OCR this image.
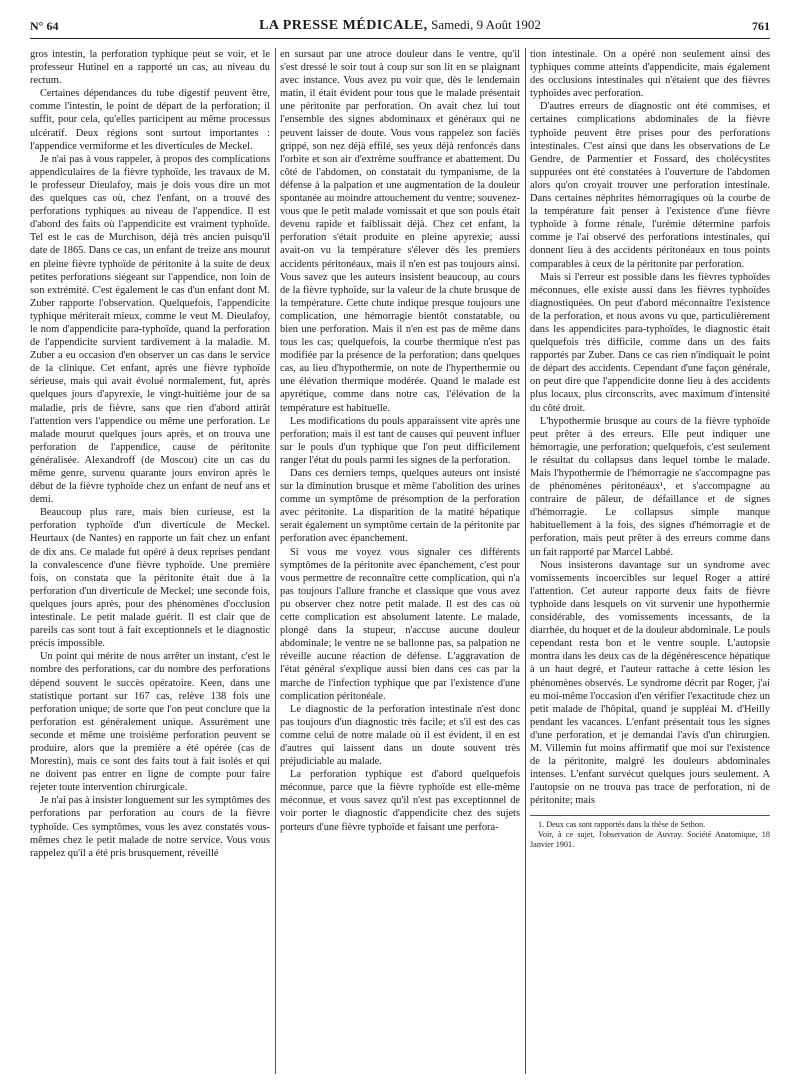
N° 64	LA PRESSE MÉDICALE, Samedi, 9 Août 1902	761

gros intestin, la perforation typhique peut se voir, et le professeur Hutinel en a rapporté un cas, au niveau du rectum.

Certaines dépendances du tube digestif peuvent être, comme l'intestin, le point de départ de la perforation; il suffit, pour cela, qu'elles participent au même processus ulcératif. Deux régions sont surtout importantes : l'appendice vermiforme et les diverticules de Meckel.

Je n'ai pas à vous rappeler, à propos des complications appendiculaires de la fièvre typhoïde, les travaux de M. le professeur Dieulafoy, mais je dois vous dire un mot des quelques cas où, chez l'enfant, on a trouvé des perforations typhiques au niveau de l'appendice. Il est d'abord des faits où l'appendicite est vraiment typhoïde. Tel est le cas de Murchison, déjà très ancien puisqu'il date de 1865. Dans ce cas, un enfant de treize ans mourut en pleine fièvre typhoïde de péritonite à la suite de deux petites perforations siégeant sur l'appendice, non loin de son extrémité. C'est également le cas d'un enfant dont M. Zuber rapporte l'observation. Quelquefois, l'appendicite typhique mériterait mieux, comme le veut M. Dieulafoy, le nom d'appendicite para-typhoïde, quand la perforation de l'appendicite survient tardivement à la maladie. M. Zuber a eu occasion d'en observer un cas dans le service de la clinique. Cet enfant, après une fièvre typhoïde sérieuse, mais qui avait évolué normalement, fut, après quelques jours d'apyrexie, le vingt-huitième jour de sa maladie, pris de fièvre, sans que rien d'abord attirât l'attention vers l'appendice ou même une perforation. Le malade mourut quelques jours après, et on trouva une perforation de l'appendice, cause de péritonite généralisée. Alexandroff (de Moscou) cite un cas du même genre, survenu quarante jours environ après le début de la fièvre typhoïde chez un enfant de neuf ans et demi.

Beaucoup plus rare, mais bien curieuse, est la perforation typhoïde d'un diverticule de Meckel. Heurtaux (de Nantes) en rapporte un fait chez un enfant de dix ans. Ce malade fut opéré à deux reprises pendant la convalescence d'une fièvre typhoïde. Une première fois, on constata que la péritonite était due à la perforation d'un diverticule de Meckel; une seconde fois, quelques jours après, pour des phénomènes d'occlusion intestinale. Le petit malade guérit. Il est clair que de pareils cas sont tout à fait exceptionnels et le diagnostic précis impossible.

Un point qui mérite de nous arrêter un instant, c'est le nombre des perforations, car du nombre des perforations dépend souvent le succès opératoire. Keen, dans une statistique portant sur 167 cas, relève 138 fois une perforation unique; de sorte que l'on peut conclure que la perforation est généralement unique. Assurément une seconde et même une troisième perforation peuvent se produire, alors que la première a été opérée (cas de Morestin), mais ce sont des faits tout à fait isolés et qui ne doivent pas entrer en ligne de compte pour faire rejeter toute intervention chirurgicale.

Je n'ai pas à insister longuement sur les symptômes des perforations par perforation au cours de la fièvre typhoïde. Ces symptômes, vous les avez constatés vous-mêmes chez le petit malade de notre service. Vous vous rappelez qu'il a été pris brusquement, réveillé

en sursaut par une atroce douleur dans le ventre, qu'il s'est dressé le soir tout à coup sur son lit en se plaignant avec instance. Vous avez pu voir que, dès le lendemain matin, il était évident pour tous que le malade présentait une péritonite par perforation. On avait chez lui tout l'ensemble des signes abdominaux et généraux qui ne peuvent laisser de doute. Vous vous rappelez son faciès grippé, son nez déjà effilé, ses yeux déjà renfoncés dans l'orbite et son air d'extrême souffrance et abattement. Du côté de l'abdomen, on constatait du tympanisme, de la défense à la palpation et une augmentation de la douleur spontanée au moindre attouchement du ventre; souvenez-vous que le petit malade vomissait et que son pouls était devenu rapide et faiblissait déjà. Chez cet enfant, la perforation s'était produite en pleine apyrexie; aussi avait-on vu la température s'élever dès les premiers accidents péritonéaux, mais il n'en est pas toujours ainsi. Vous savez que les auteurs insistent beaucoup, au cours de la fièvre typhoïde, sur la valeur de la chute brusque de la température. Cette chute indique presque toujours une complication, une hémorragie bientôt constatable, ou bien une perforation. Mais il n'en est pas de même dans tous les cas; quelquefois, la courbe thermique n'est pas modifiée par la présence de la perforation; dans quelques cas, au lieu d'hypothermie, on note de l'hyperthermie ou une élévation thermique modérée. Quand le malade est apyrétique, comme dans notre cas, l'élévation de la température est habituelle.

Les modifications du pouls apparaissent vite après une perforation; mais il est tant de causes qui peuvent influer sur le pouls d'un typhique que l'on peut difficilement ranger l'état du pouls parmi les signes de la perforation.

Dans ces derniers temps, quelques auteurs ont insisté sur la diminution brusque et même l'abolition des urines comme un symptôme de présomption de la perforation avec péritonite. La disparition de la matité hépatique serait également un symptôme certain de la péritonite par perforation avec épanchement.

Si vous me voyez vous signaler ces différents symptômes de la péritonite avec épanchement, c'est pour vous permettre de reconnaître cette complication, qui n'a pas toujours l'allure franche et classique que vous avez pu observer chez notre petit malade. Il est des cas où cette complication est absolument latente. Le malade, plongé dans la stupeur, n'accuse aucune douleur abdominale; le ventre ne se ballonne pas, sa palpation ne réveille aucune réaction de défense. L'aggravation de l'état général s'explique aussi bien dans ces cas par la marche de l'infection typhique que par l'existence d'une complication péritonéale.

Le diagnostic de la perforation intestinale n'est donc pas toujours d'un diagnostic très facile; et s'il est des cas comme celui de notre malade où il est évident, il en est d'autres qui laissent dans un doute souvent très préjudiciable au malade.

La perforation typhique est d'abord quelquefois méconnue, parce que la fièvre typhoïde est elle-même méconnue, et vous savez qu'il n'est pas exceptionnel de voir porter le diagnostic d'appendicite chez des sujets porteurs d'une fièvre typhoïde et faisant une perfora-

tion intestinale. On a opéré non seulement ainsi des typhiques comme atteints d'appendicite, mais également des occlusions intestinales qui n'étaient que des fièvres typhoïdes avec perforation.

D'autres erreurs de diagnostic ont été commises, et certaines complications abdominales de la fièvre typhoïde peuvent être prises pour des perforations intestinales. C'est ainsi que dans les observations de Le Gendre, de Parmentier et Fossard, des cholécystites suppurées ont été constatées à l'ouverture de l'abdomen alors qu'on croyait trouver une perforation intestinale. Dans certaines néphrites hémorragiques où la courbe de la température fait penser à l'existence d'une fièvre typhoïde à forme rénale, l'urémie détermine parfois comme je l'ai observé des perforations intestinales, qui donnent lieu à des accidents péritonéaux en tous points comparables à ceux de la péritonite par perforation.

Mais si l'erreur est possible dans les fièvres typhoïdes méconnues, elle existe aussi dans les fièvres typhoïdes diagnostiquées. On peut d'abord méconnaître l'existence de la perforation, et nous avons vu que, particulièrement dans les appendicites para-typhoïdes, le diagnostic était quelquefois très difficile, comme dans un des faits rapportés par Zuber. Dans ce cas rien n'indiquait le point de départ des accidents. Cependant d'une façon générale, on peut dire que l'appendicite donne lieu à des accidents plus locaux, plus circonscrits, avec maximum d'intensité du côté droit.

L'hypothermie brusque au cours de la fièvre typhoïde peut prêter à des erreurs. Elle peut indiquer une hémorragie, une perforation; quelquefois, c'est seulement le résultat du collapsus dans lequel tombe le malade. Mais l'hypothermie de l'hémorragie ne s'accompagne pas de phénomènes péritonéaux¹, et s'accompagne au contraire de pâleur, de défaillance et de signes d'hémorragie. Le collapsus simple manque habituellement à la fois, des signes d'hémorragie et de perforation, mais peut prêter à des erreurs comme dans un fait rapporté par Marcel Labbé.

Nous insisterons davantage sur un syndrome avec vomissements incoercibles sur lequel Roger a attiré l'attention. Cet auteur rapporte deux faits de fièvre typhoïde dans lesquels on vit survenir une hypothermie considérable, des vomissements incessants, de la diarrhée, du hoquet et de la douleur abdominale. Le pouls cependant resta bon et le ventre souple. L'autopsie montra dans les deux cas de la dégénérescence hépatique à un haut degré, et l'auteur rattache à cette lésion les phénomènes observés. Le syndrome décrit par Roger, j'ai eu moi-même l'occasion d'en vérifier l'exactitude chez un petit malade de l'hôpital, quand je suppléai M. d'Heilly pendant les vacances. L'enfant présentait tous les signes d'une perforation, et je demandai l'avis d'un chirurgien. M. Villemin fut moins affirmatif que moi sur l'existence de la péritonite, malgré les douleurs abdominales intenses. L'enfant survécut quelques jours seulement. A l'autopsie on ne trouva pas trace de perforation, ni de péritonite; mais

1. Deux cas sont rapportés dans la thèse de Sethon.

Voir, à ce sujet, l'observation de Auvray. Société Anatomique, 18 Janvier 1901.
